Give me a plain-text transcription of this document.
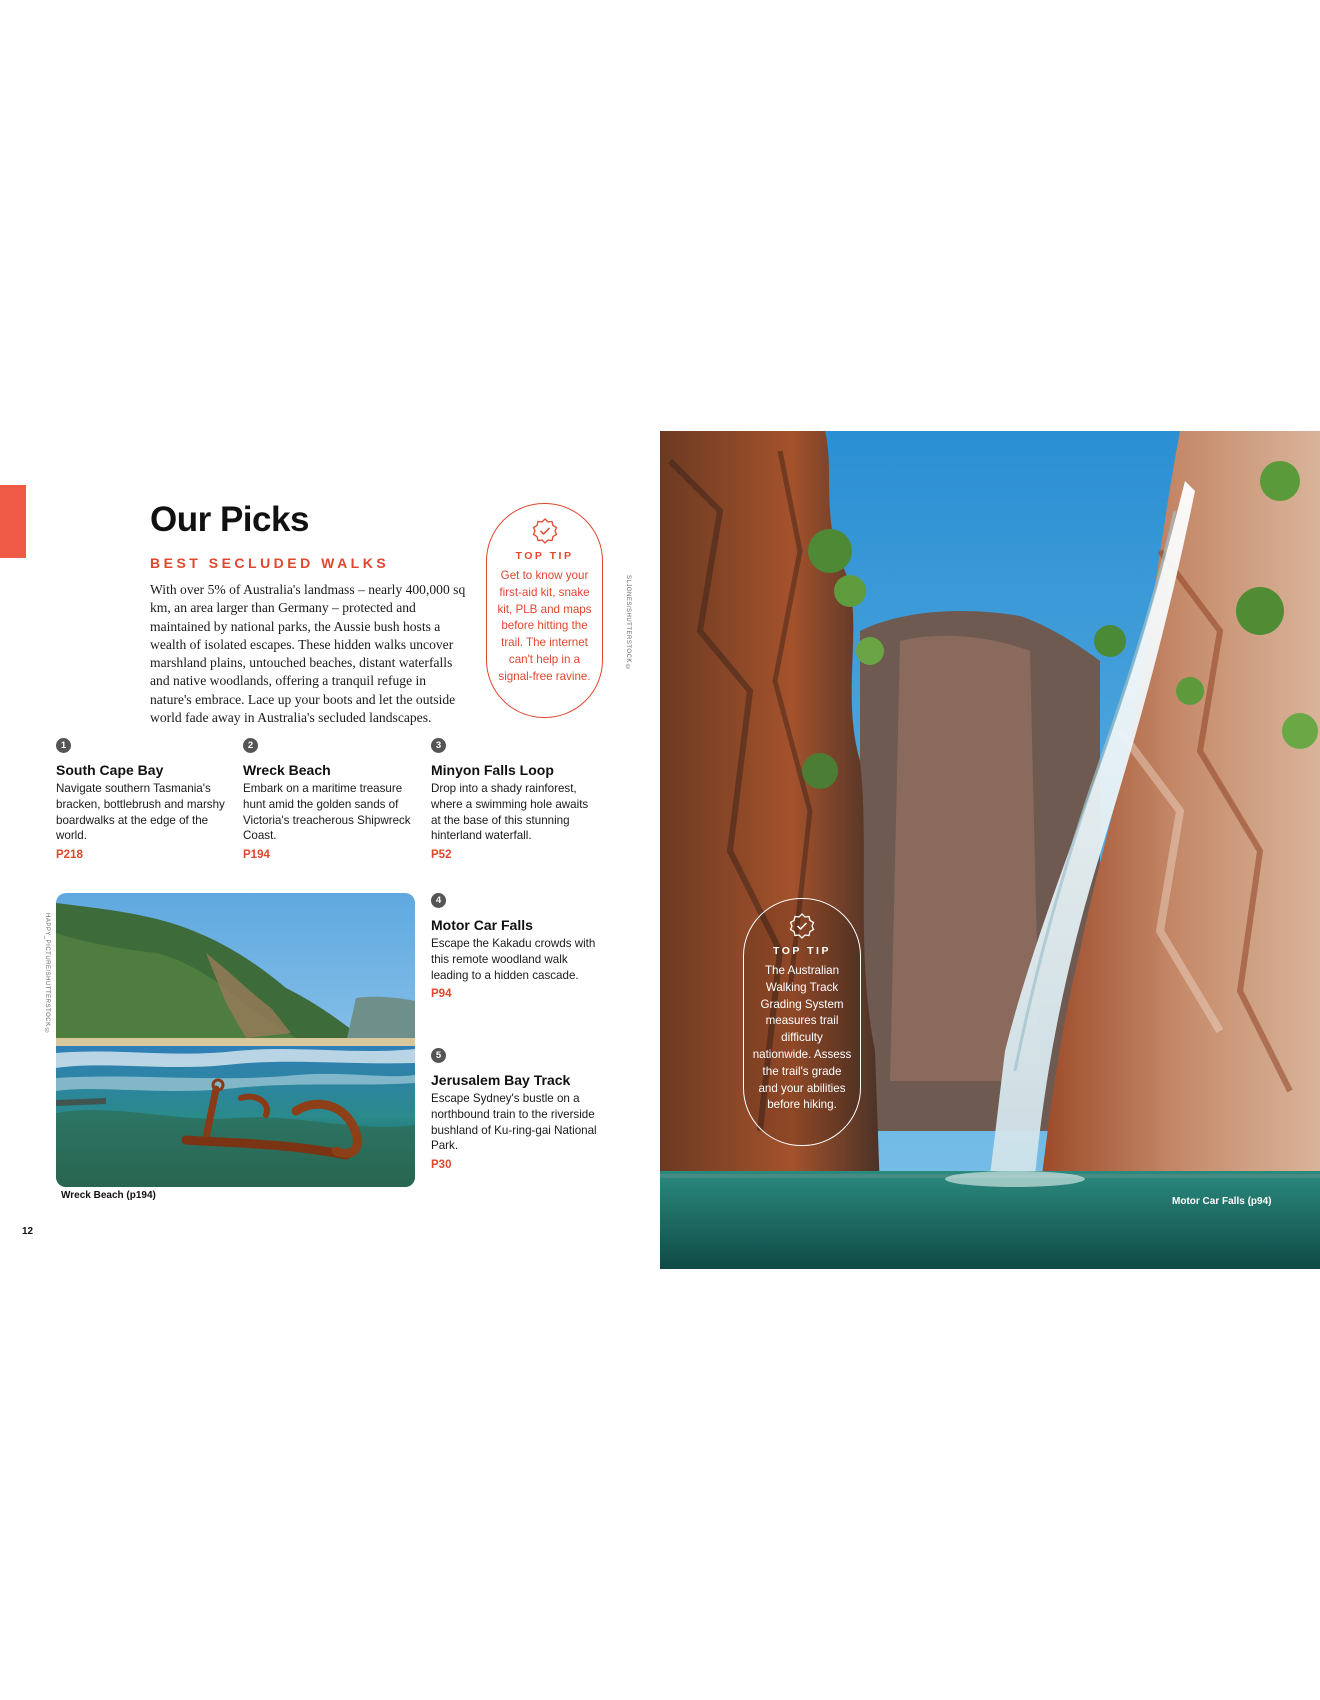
Our Picks
BEST SECLUDED WALKS
With over 5% of Australia's landmass – nearly 400,000 sq km, an area larger than Germany – protected and maintained by national parks, the Aussie bush hosts a wealth of isolated escapes. These hidden walks uncover marshland plains, untouched beaches, distant waterfalls and native woodlands, offering a tranquil refuge in nature's embrace. Lace up your boots and let the outside world fade away in Australia's secluded landscapes.
TOP TIP
Get to know your first-aid kit, snake kit, PLB and maps before hitting the trail. The internet can't help in a signal-free ravine.
SLJONES/SHUTTERSTOCK ©
1
South Cape Bay
Navigate southern Tasmania's bracken, bottlebrush and marshy boardwalks at the edge of the world.
P218
2
Wreck Beach
Embark on a maritime treasure hunt amid the golden sands of Victoria's treacherous Shipwreck Coast.
P194
3
Minyon Falls Loop
Drop into a shady rainforest, where a swimming hole awaits at the base of this stunning hinterland waterfall.
P52
4
Motor Car Falls
Escape the Kakadu crowds with this remote woodland walk leading to a hidden cascade.
P94
5
Jerusalem Bay Track
Escape Sydney's bustle on a northbound train to the riverside bushland of Ku-ring-gai National Park.
P30
HAPPY_PICTURE/SHUTTERSTOCK ©
Wreck Beach (p194)
12
Motor Car Falls (p94)
TOP TIP
The Australian Walking Track Grading System measures trail difficulty nationwide. Assess the trail's grade and your abilities before hiking.
